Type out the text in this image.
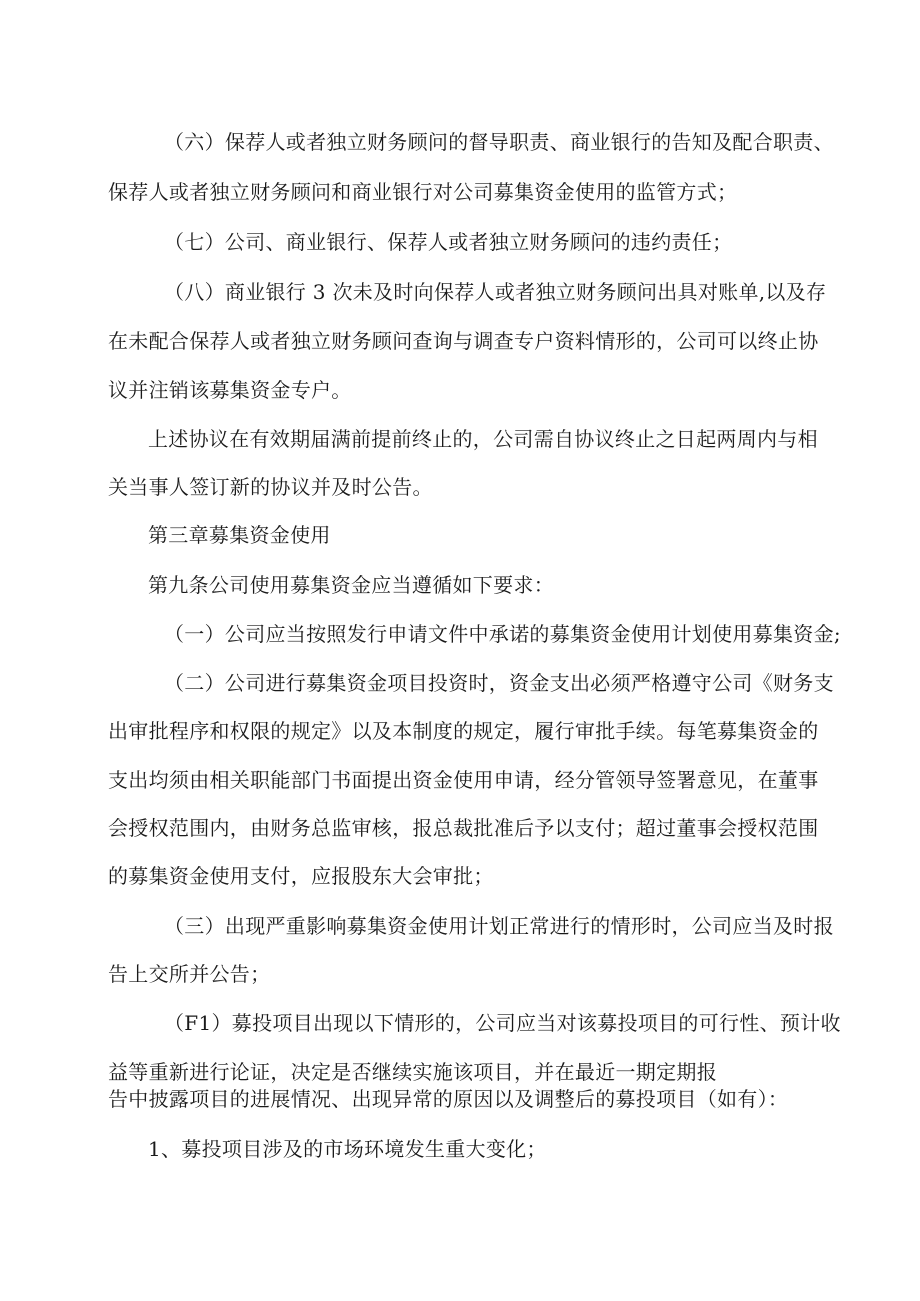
（六）保荐人或者独立财务顾问的督导职责、商业银行的告知及配合职责、
保荐人或者独立财务顾问和商业银行对公司募集资金使用的监管方式；
（七）公司、商业银行、保荐人或者独立财务顾问的违约责任；
（八）商业银行 3 次未及时向保荐人或者独立财务顾问出具对账单,以及存
在未配合保荐人或者独立财务顾问查询与调查专户资料情形的，公司可以终止协
议并注销该募集资金专户。
上述协议在有效期届满前提前终止的，公司需自协议终止之日起两周内与相
关当事人签订新的协议并及时公告。
第三章募集资金使用
第九条公司使用募集资金应当遵循如下要求：
（一）公司应当按照发行申请文件中承诺的募集资金使用计划使用募集资金;
（二）公司进行募集资金项目投资时，资金支出必须严格遵守公司《财务支
出审批程序和权限的规定》以及本制度的规定，履行审批手续。每笔募集资金的
支出均须由相关职能部门书面提出资金使用申请，经分管领导签署意见，在董事
会授权范围内，由财务总监审核，报总裁批准后予以支付；超过董事会授权范围
的募集资金使用支付，应报股东大会审批；
（三）出现严重影响募集资金使用计划正常进行的情形时，公司应当及时报
告上交所并公告；
（F1）募投项目出现以下情形的，公司应当对该募投项目的可行性、预计收
益等重新进行论证，决定是否继续实施该项目，并在最近一期定期报
告中披露项目的进展情况、出现异常的原因以及调整后的募投项目（如有）：
1、募投项目涉及的市场环境发生重大变化；
